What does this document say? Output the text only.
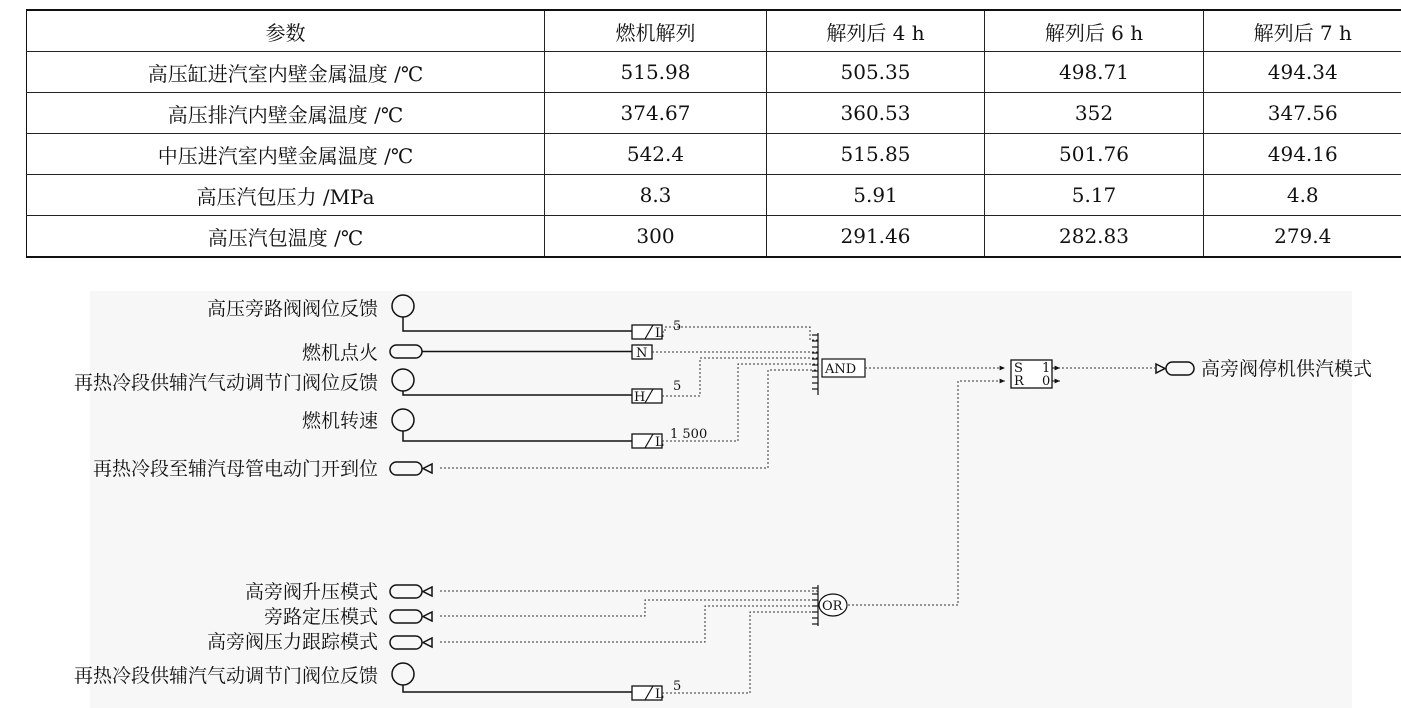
参数	燃机解列	解列后 4 h	解列后 6 h	解列后 7 h
高压缸进汽室内壁金属温度 /℃	515.98	505.35	498.71	494.34
高压排汽内壁金属温度 /℃	374.67	360.53	352	347.56
中压进汽室内壁金属温度 /℃	542.4	515.85	501.76	494.16
高压汽包压力 /MPa	8.3	5.91	5.17	4.8
高压汽包温度 /℃	300	291.46	282.83	279.4
高压旁路阀阀位反馈
燃机点火
再热冷段供辅汽气动调节门阀位反馈
燃机转速
再热冷段至辅汽母管电动门开到位
L
N
H
L
L
5
5
1 500
5
AND	S
R
1
0
高旁阀停机供汽模式
高旁阀升压模式
旁路定压模式
高旁阀压力跟踪模式
再热冷段供辅汽气动调节门阀位反馈
OR
